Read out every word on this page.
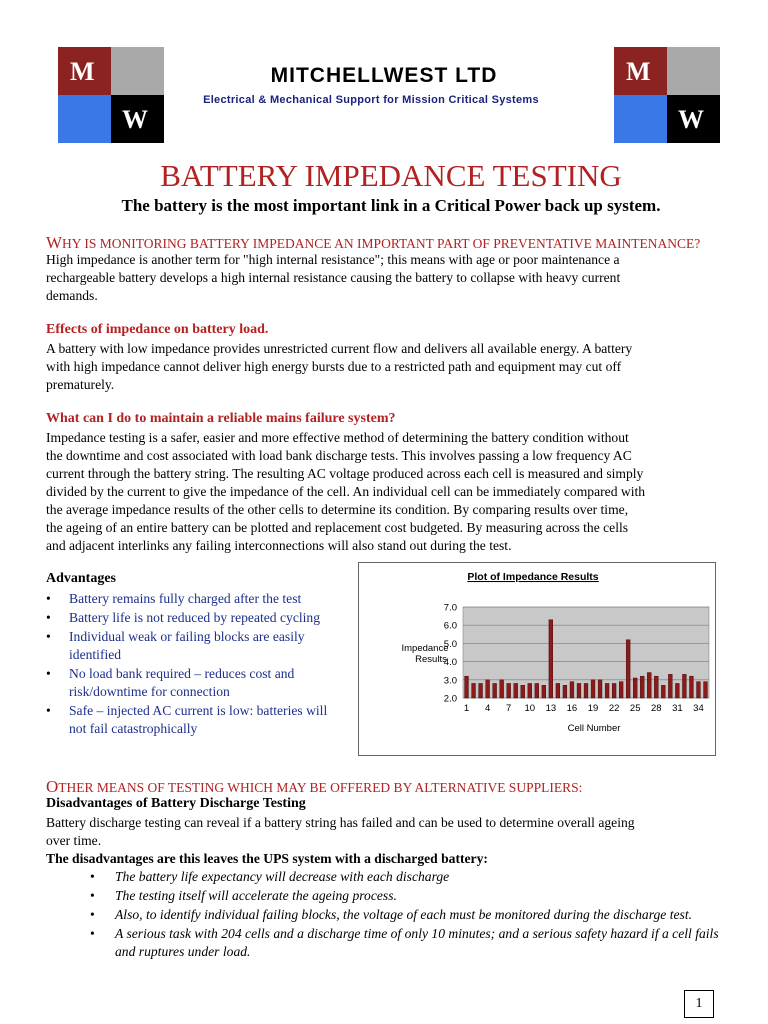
M
W
M
W
MITCHELLWEST LTD
Electrical & Mechanical Support for Mission Critical Systems
BATTERY IMPEDANCE TESTING
The battery is the most important link in a Critical Power back up system.
WHY IS MONITORING BATTERY IMPEDANCE AN IMPORTANT PART OF PREVENTATIVE MAINTENANCE?
High impedance is another term for "high internal resistance"; this means with age or poor maintenance a
rechargeable battery develops a high internal resistance causing the battery to collapse with heavy current
demands.
Effects of impedance on battery load.
A battery with low impedance provides unrestricted current flow and delivers all available energy. A battery
with high impedance cannot deliver high energy bursts due to a restricted path and equipment may cut off
prematurely.
What can I do to maintain a reliable mains failure system?
Impedance testing is a safer, easier and more effective method of determining the battery condition without
the downtime and cost associated with load bank discharge tests. This involves passing a low frequency AC
current through the battery string. The resulting AC voltage produced across each cell is measured and simply
divided by the current to give the impedance of the cell. An individual cell can be immediately compared with
the average impedance results of the other cells to determine its condition. By comparing results over time,
the ageing of an entire battery can be plotted and replacement cost budgeted. By measuring across the cells
and adjacent interlinks any failing interconnections will also stand out during the test.
Advantages
• Battery remains fully charged after the test
• Battery life is not reduced by repeated cycling
• Individual weak or failing blocks are easily identified
• No load bank required – reduces cost and risk/downtime for connection
• Safe – injected AC current is low: batteries will not fail catastrophically
Plot of Impedance Results
Impedance Results
Cell Number
2.0
3.0
4.0
5.0
6.0
7.0
1 4 7 10 13 16 19 22 25 28 31 34
OTHER MEANS OF TESTING WHICH MAY BE OFFERED BY ALTERNATIVE SUPPLIERS:
Disadvantages of Battery Discharge Testing
Battery discharge testing can reveal if a battery string has failed and can be used to determine overall ageing
over time.
The disadvantages are this leaves the UPS system with a discharged battery:
• The battery life expectancy will decrease with each discharge
• The testing itself will accelerate the ageing process.
• Also, to identify individual failing blocks, the voltage of each must be monitored during the discharge test.
• A serious task with 204 cells and a discharge time of only 10 minutes; and a serious safety hazard if a cell fails and ruptures under load.
1
